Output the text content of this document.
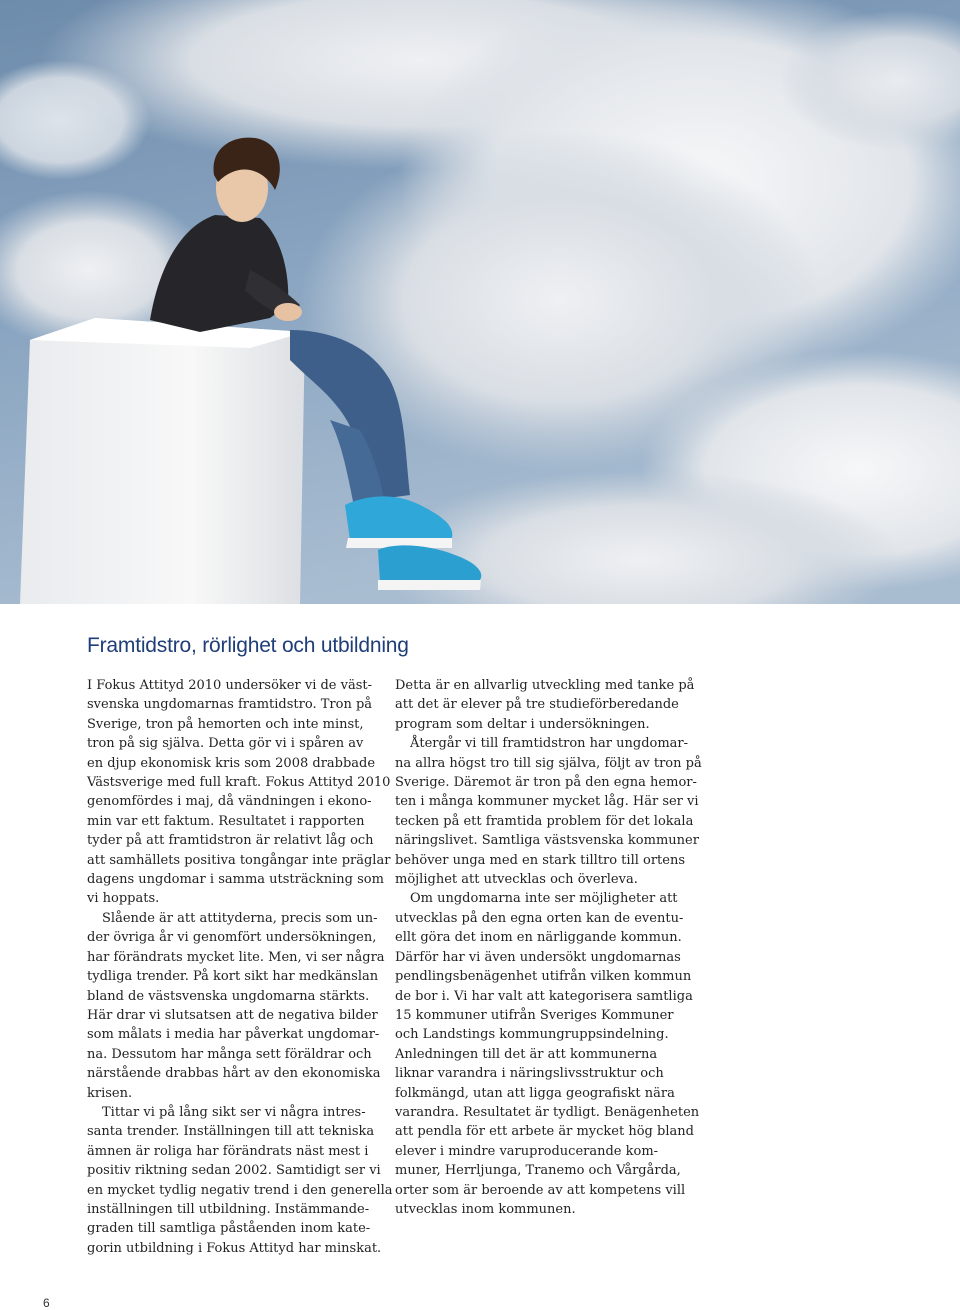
Framtidstro, rörlighet och utbildning

I Fokus Attityd 2010 undersöker vi de väst-
svenska ungdomarnas framtidstro. Tron på
Sverige, tron på hemorten och inte minst,
tron på sig själva. Detta gör vi i spåren av
en djup ekonomisk kris som 2008 drabbade
Västsverige med full kraft. Fokus Attityd 2010
genomfördes i maj, då vändningen i ekono-
min var ett faktum. Resultatet i rapporten
tyder på att framtidstron är relativt låg och
att samhällets positiva tongångar inte präglar
dagens ungdomar i samma utsträckning som
vi hoppats.

Slående är att attityderna, precis som un-
der övriga år vi genomfört undersökningen,
har förändrats mycket lite. Men, vi ser några
tydliga trender. På kort sikt har medkänslan
bland de västsvenska ungdomarna stärkts.
Här drar vi slutsatsen att de negativa bilder
som målats i media har påverkat ungdomar-
na. Dessutom har många sett föräldrar och
närstående drabbas hårt av den ekonomiska
krisen.

Tittar vi på lång sikt ser vi några intres-
santa trender. Inställningen till att tekniska
ämnen är roliga har förändrats näst mest i
positiv riktning sedan 2002. Samtidigt ser vi
en mycket tydlig negativ trend i den generella
inställningen till utbildning. Instämmande-
graden till samtliga påståenden inom kate-
gorin utbildning i Fokus Attityd har minskat.

Detta är en allvarlig utveckling med tanke på
att det är elever på tre studieförberedande
program som deltar i undersökningen.

Återgår vi till framtidstron har ungdomar-
na allra högst tro till sig själva, följt av tron på
Sverige. Däremot är tron på den egna hemor-
ten i många kommuner mycket låg. Här ser vi
tecken på ett framtida problem för det lokala
näringslivet. Samtliga västsvenska kommuner
behöver unga med en stark tilltro till ortens
möjlighet att utvecklas och överleva.

Om ungdomarna inte ser möjligheter att
utvecklas på den egna orten kan de eventu-
ellt göra det inom en närliggande kommun.
Därför har vi även undersökt ungdomarnas
pendlingsbenägenhet utifrån vilken kommun
de bor i. Vi har valt att kategorisera samtliga
15 kommuner utifrån Sveriges Kommuner
och Landstings kommungruppsindelning.
Anledningen till det är att kommunerna
liknar varandra i näringslivsstruktur och
folkmängd, utan att ligga geografiskt nära
varandra. Resultatet är tydligt. Benägenheten
att pendla för ett arbete är mycket hög bland
elever i mindre varuproducerande kom-
muner, Herrljunga, Tranemo och Vårgårda,
orter som är beroende av att kompetens vill
utvecklas inom kommunen.

6
